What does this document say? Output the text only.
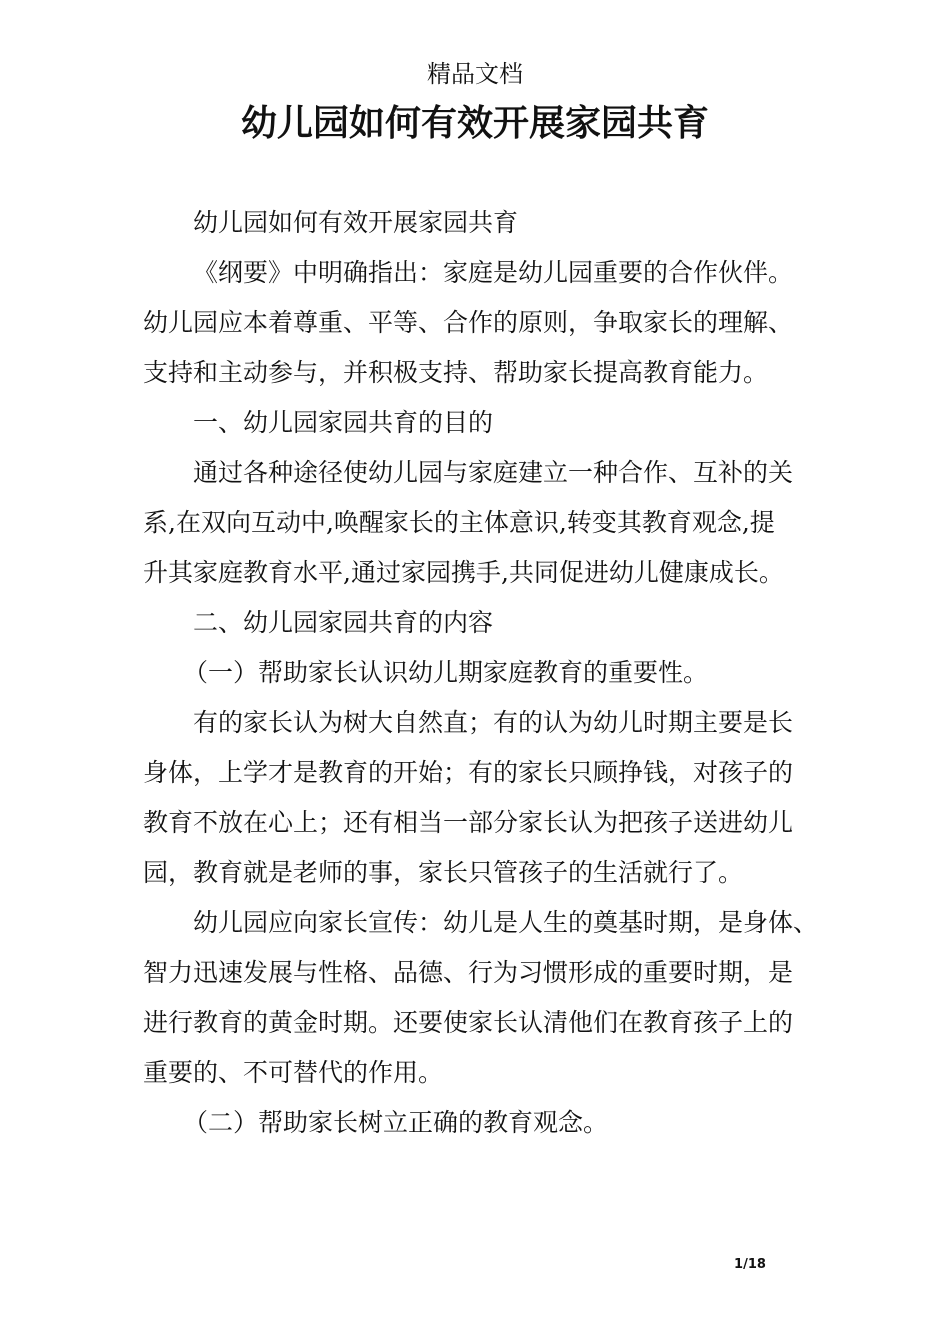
精品文档
幼儿园如何有效开展家园共育

幼儿园如何有效开展家园共育

《纲要》中明确指出：家庭是幼儿园重要的合作伙伴。

幼儿园应本着尊重、平等、合作的原则，争取家长的理解、

支持和主动参与，并积极支持、帮助家长提高教育能力。

一、幼儿园家园共育的目的

通过各种途径使幼儿园与家庭建立一种合作、互补的关

系,在双向互动中,唤醒家长的主体意识,转变其教育观念,提

升其家庭教育水平,通过家园携手,共同促进幼儿健康成长。

二、幼儿园家园共育的内容

（一）帮助家长认识幼儿期家庭教育的重要性。

有的家长认为树大自然直；有的认为幼儿时期主要是长

身体，上学才是教育的开始；有的家长只顾挣钱，对孩子的

教育不放在心上；还有相当一部分家长认为把孩子送进幼儿

园，教育就是老师的事，家长只管孩子的生活就行了。

幼儿园应向家长宣传：幼儿是人生的奠基时期，是身体、

智力迅速发展与性格、品德、行为习惯形成的重要时期，是

进行教育的黄金时期。还要使家长认清他们在教育孩子上的

重要的、不可替代的作用。

（二）帮助家长树立正确的教育观念。

1/18
